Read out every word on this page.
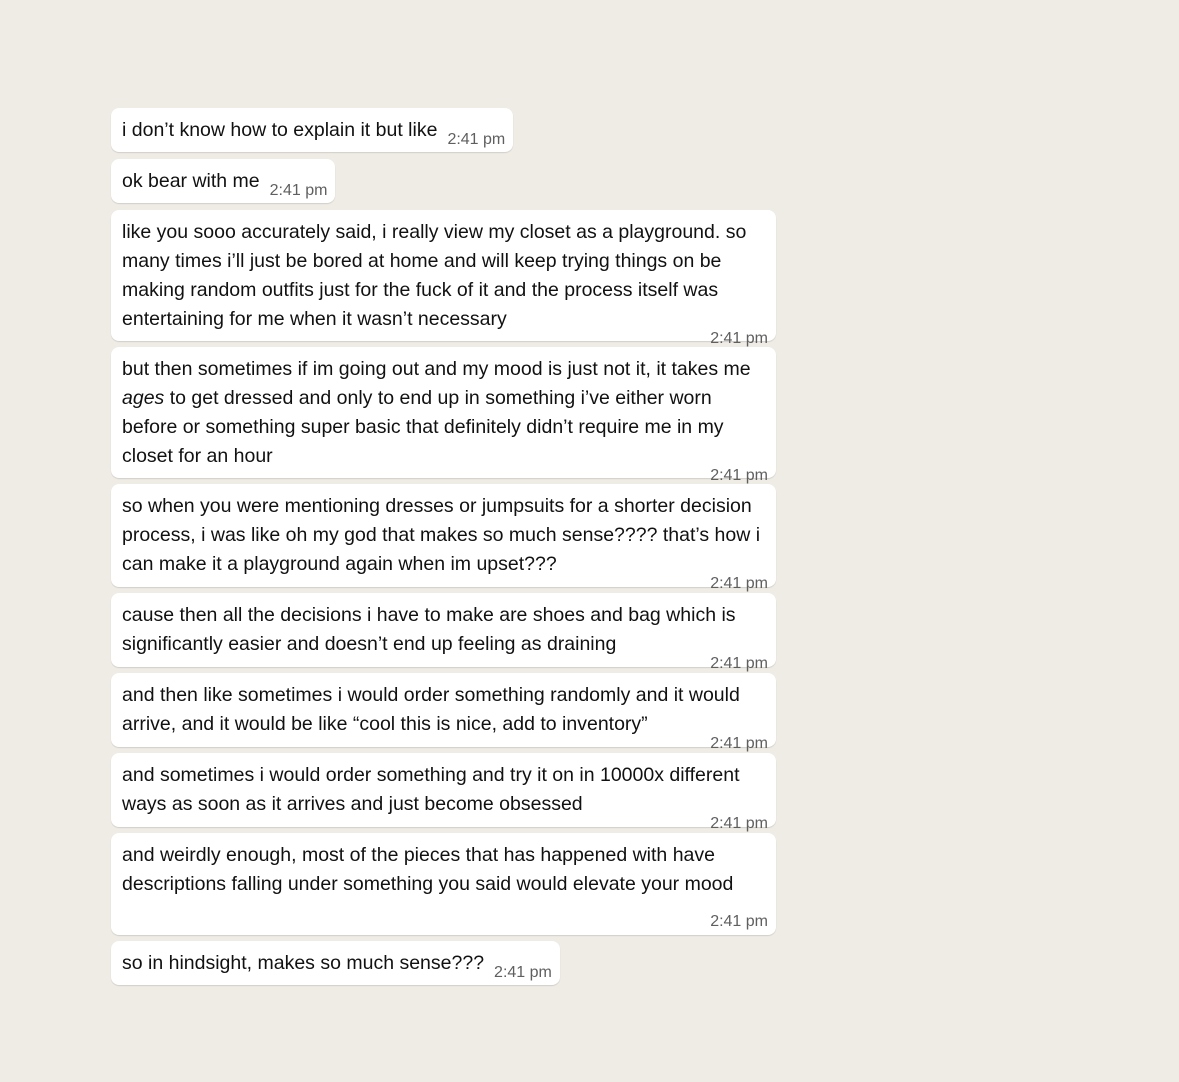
i don’t know how to explain it but like 2:41 pm
ok bear with me 2:41 pm
like you sooo accurately said, i really view my closet as a playground. so many times i’ll just be bored at home and will keep trying things on be making random outfits just for the fuck of it and the process itself was entertaining for me when it wasn’t necessary
2:41 pm
but then sometimes if im going out and my mood is just not it, it takes me ages to get dressed and only to end up in something i’ve either worn before or something super basic that definitely didn’t require me in my closet for an hour
2:41 pm
so when you were mentioning dresses or jumpsuits for a shorter decision process, i was like oh my god that makes so much sense???? that’s how i can make it a playground again when im upset???
2:41 pm
cause then all the decisions i have to make are shoes and bag which is significantly easier and doesn’t end up feeling as draining
2:41 pm
and then like sometimes i would order something randomly and it would arrive, and it would be like “cool this is nice, add to inventory”
2:41 pm
and sometimes i would order something and try it on in 10000x different ways as soon as it arrives and just become obsessed
2:41 pm
and weirdly enough, most of the pieces that has happened with have descriptions falling under something you said would elevate your mood
2:41 pm
so in hindsight, makes so much sense??? 2:41 pm
